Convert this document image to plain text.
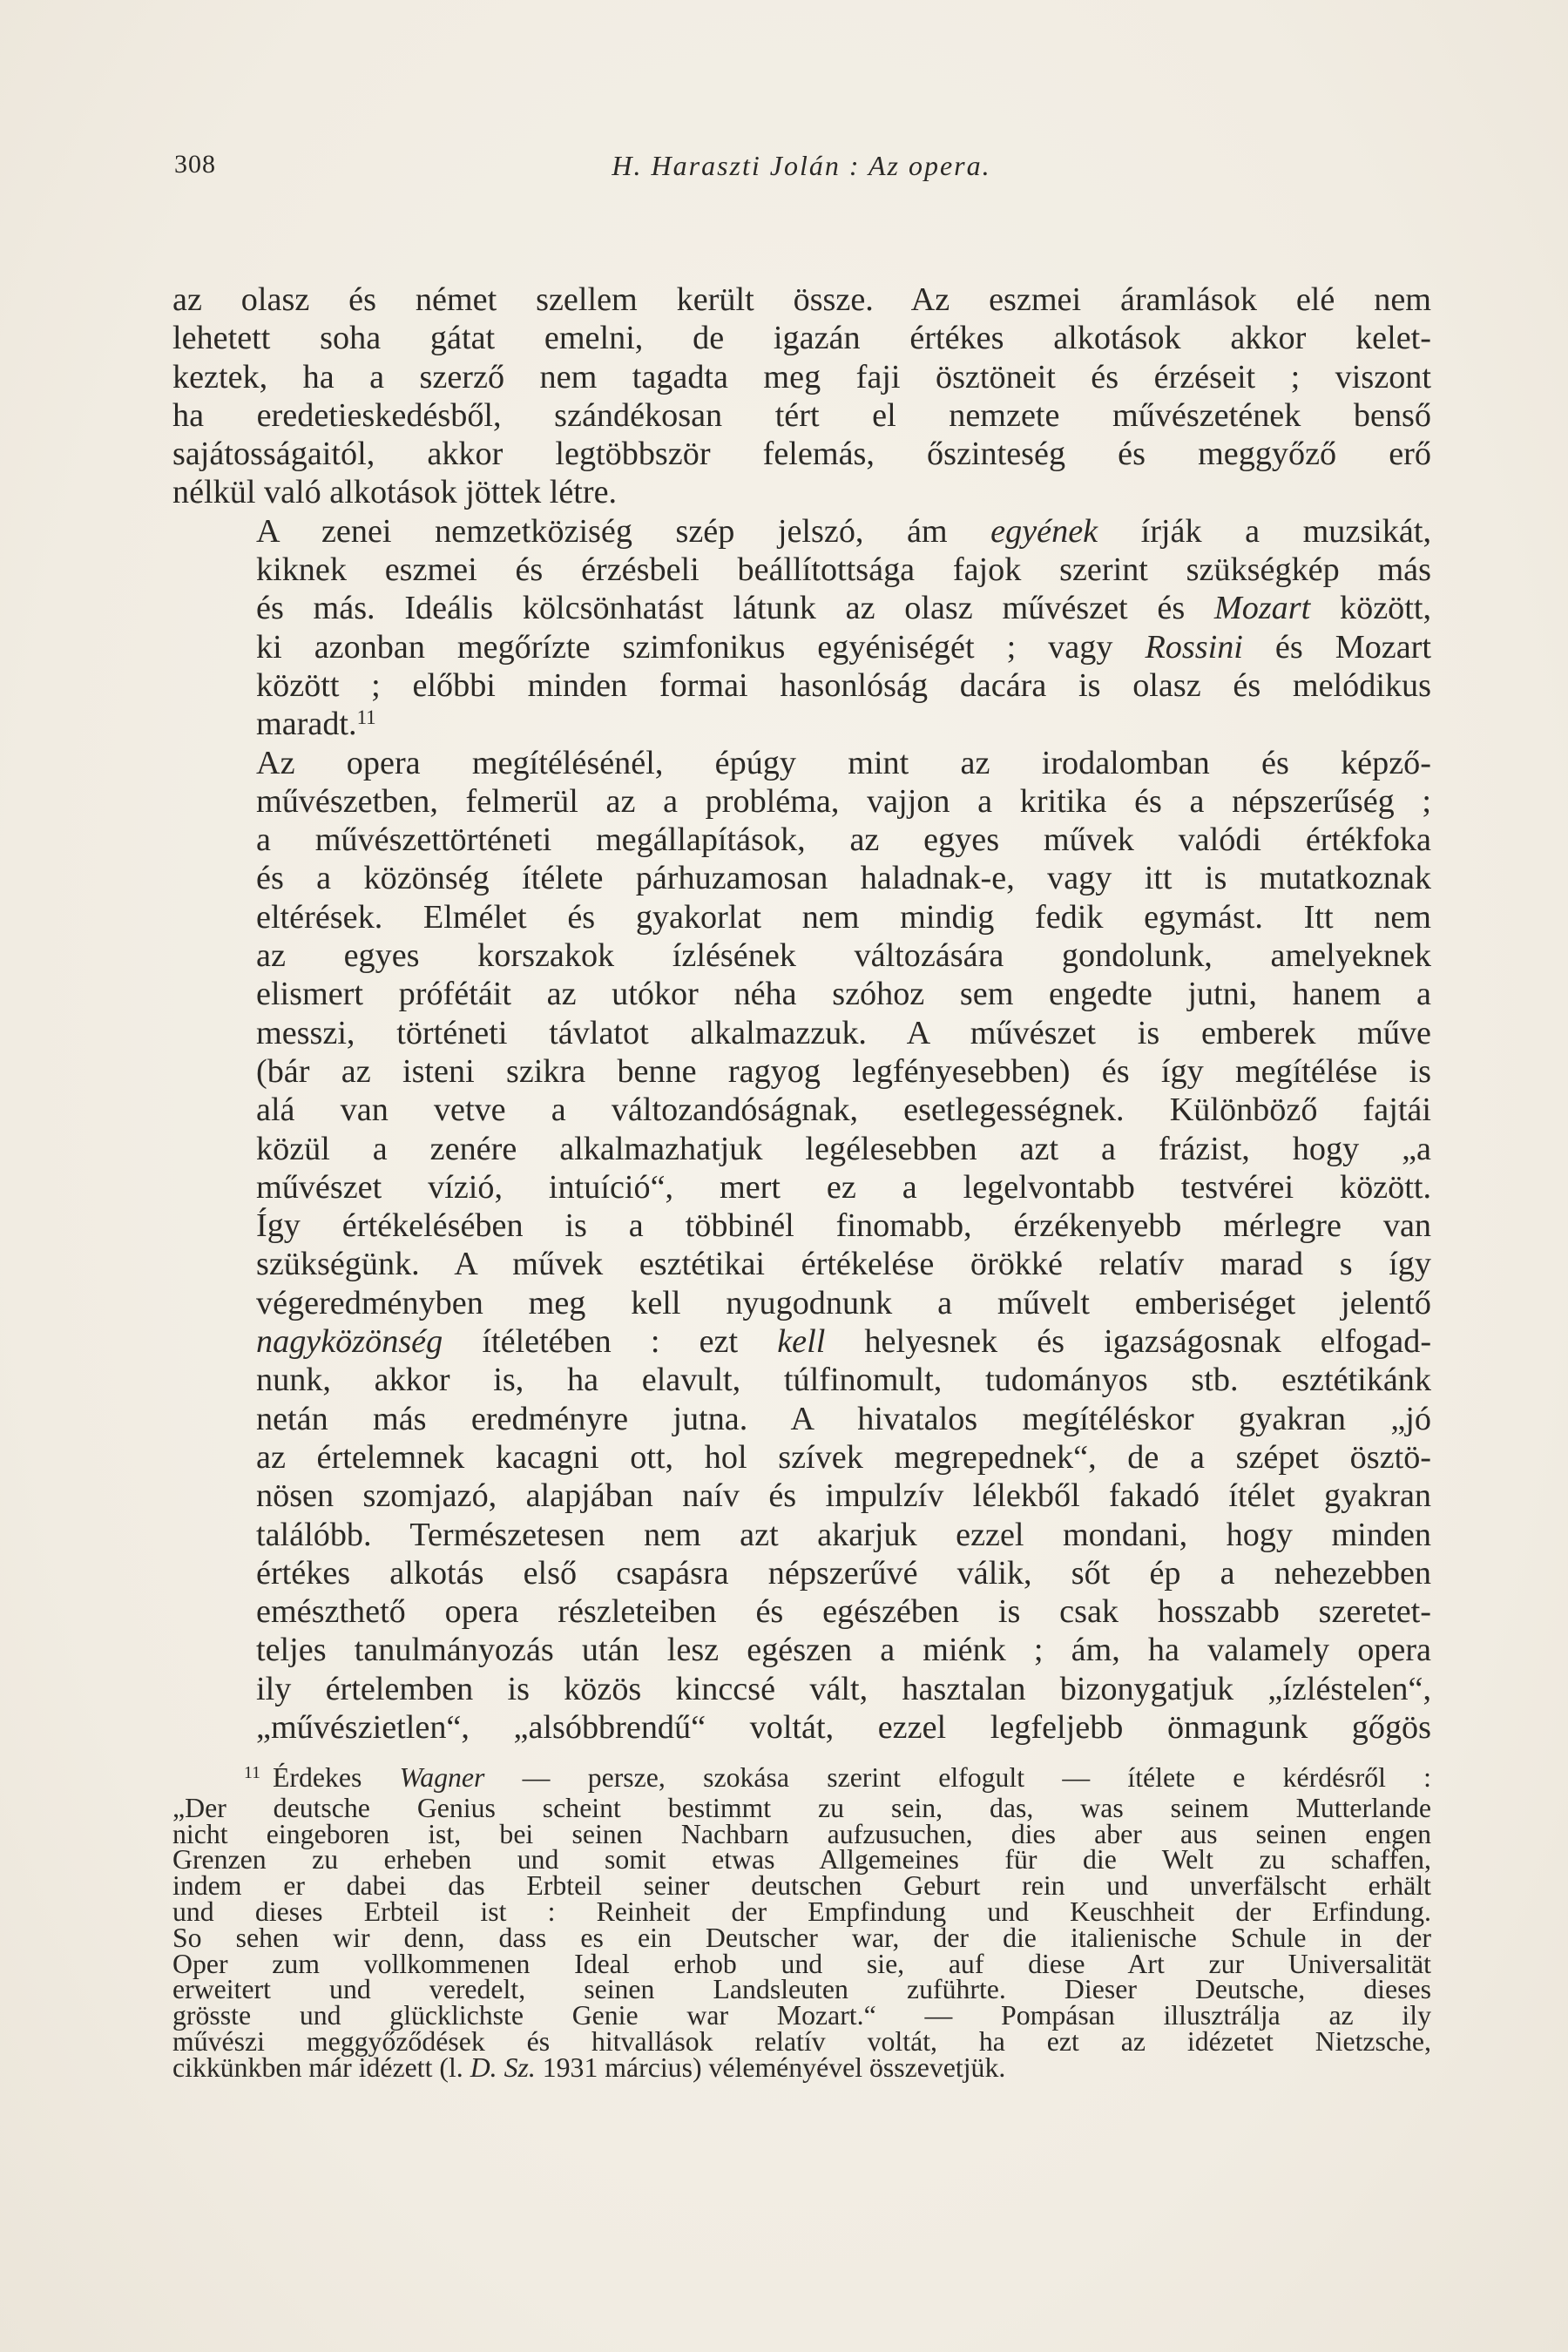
308	H. Haraszti Jolán : Az opera.
az olasz és német szellem került össze. Az eszmei áramlások elé nem
lehetett soha gátat emelni, de igazán értékes alkotások akkor kelet-
keztek, ha a szerző nem tagadta meg faji ösztöneit és érzéseit ; viszont
ha eredetieskedésből, szándékosan tért el nemzete művészetének benső
sajátosságaitól, akkor legtöbbször felemás, őszinteség és meggyőző erő
nélkül való alkotások jöttek létre.
A zenei nemzetköziség szép jelszó, ám egyének írják a muzsikát,
kiknek eszmei és érzésbeli beállítottsága fajok szerint szükségkép más
és más. Ideális kölcsönhatást látunk az olasz művészet és Mozart között,
ki azonban megőrízte szimfonikus egyéniségét ; vagy Rossini és Mozart
között ; előbbi minden formai hasonlóság dacára is olasz és melódikus
maradt.$^{11}$
Az opera megítélésénél, épúgy mint az irodalomban és képző-
művészetben, felmerül az a probléma, vajjon a kritika és a népszerűség ;
a művészettörténeti megállapítások, az egyes művek valódi értékfoka
és a közönség ítélete párhuzamosan haladnak-e, vagy itt is mutatkoznak
eltérések. Elmélet és gyakorlat nem mindig fedik egymást. Itt nem
az egyes korszakok ízlésének változására gondolunk, amelyeknek
elismert prófétáit az utókor néha szóhoz sem engedte jutni, hanem a
messzi, történeti távlatot alkalmazzuk. A művészet is emberek műve
(bár az isteni szikra benne ragyog legfényesebben) és így megítélése is
alá van vetve a változandóságnak, esetlegességnek. Különböző fajtái
közül a zenére alkalmazhatjuk legélesebben azt a frázist, hogy „a
művészet vízió, intuíció“, mert ez a legelvontabb testvérei között.
Így értékelésében is a többinél finomabb, érzékenyebb mérlegre van
szükségünk. A művek esztétikai értékelése örökké relatív marad s így
végeredményben meg kell nyugodnunk a művelt emberiséget jelentő
nagyközönség ítéletében : ezt kell helyesnek és igazságosnak elfogad-
nunk, akkor is, ha elavult, túlfinomult, tudományos stb. esztétikánk
netán más eredményre jutna. A hivatalos megítéléskor gyakran „jó
az értelemnek kacagni ott, hol szívek megrepednek“, de a szépet ösztö-
nösen szomjazó, alapjában naív és impulzív lélekből fakadó ítélet gyakran
találóbb. Természetesen nem azt akarjuk ezzel mondani, hogy minden
értékes alkotás első csapásra népszerűvé válik, sőt ép a nehezebben
emészthető opera részleteiben és egészében is csak hosszabb szeretet-
teljes tanulmányozás után lesz egészen a miénk ; ám, ha valamely opera
ily értelemben is közös kinccsé vált, hasztalan bizonygatjuk „ízléstelen“,
„művészietlen“, „alsóbbrendű“ voltát, ezzel legfeljebb önmagunk gőgös
$^{11}$ Érdekes Wagner — persze, szokása szerint elfogult — ítélete e kérdésről :
„Der deutsche Genius scheint bestimmt zu sein, das, was seinem Mutterlande
nicht eingeboren ist, bei seinen Nachbarn aufzusuchen, dies aber aus seinen engen
Grenzen zu erheben und somit etwas Allgemeines für die Welt zu schaffen,
indem er dabei das Erbteil seiner deutschen Geburt rein und unverfälscht erhält
und dieses Erbteil ist : Reinheit der Empfindung und Keuschheit der Erfindung.
So sehen wir denn, dass es ein Deutscher war, der die italienische Schule in der
Oper zum vollkommenen Ideal erhob und sie, auf diese Art zur Universalität
erweitert und veredelt, seinen Landsleuten zuführte. Dieser Deutsche, dieses
grösste und glücklichste Genie war Mozart.“ — Pompásan illusztrálja az ily
művészi meggyőződések és hitvallások relatív voltát, ha ezt az idézetet Nietzsche,
cikkünkben már idézett (l. D. Sz. 1931 március) véleményével összevetjük.
